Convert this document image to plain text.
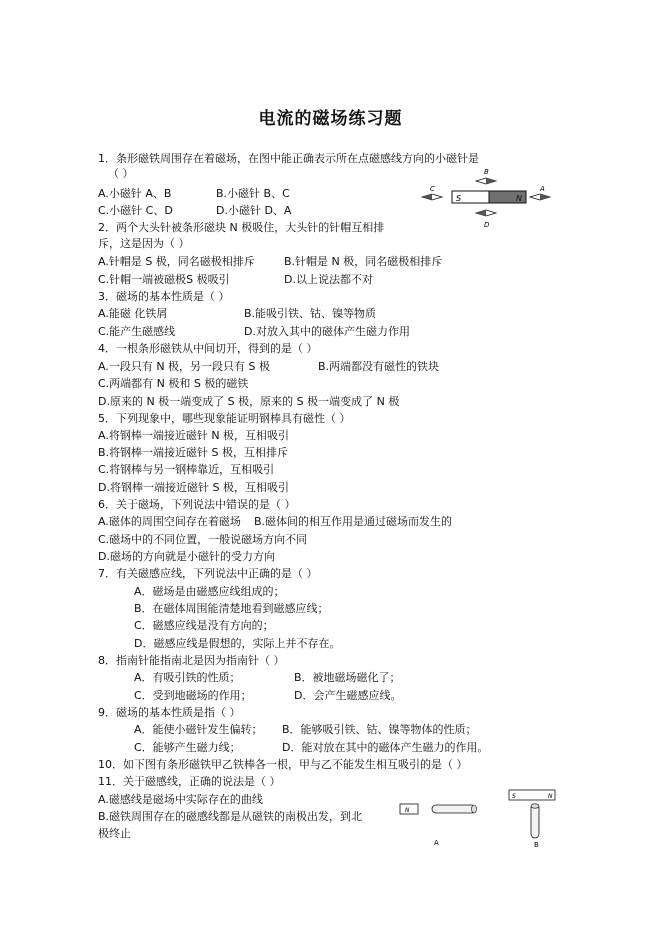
电流的磁场练习题
1．条形磁铁周围存在着磁场，在图中能正确表示所在点磁感线方向的小磁针是
（ ）
A.小磁针 A、B	B.小磁针 B、C
C.小磁针 C、D	D.小磁针 D、A
S	N
B
A
C
D
2．两个大头针被条形磁块 N 极吸住，大头针的针帽互相排
斥，这是因为（ ）
A.针帽是 S 极，同名磁极相排斥	B.针帽是 N 极，同名磁极相排斥
C.针帽一端被磁极S 极吸引	D.以上说法都不对
3．磁场的基本性质是（ ）
A.能磁 化铁屑	B.能吸引铁、钴、镍等物质
C.能产生磁感线	D.对放入其中的磁体产生磁力作用
4．一根条形磁铁从中间切开，得到的是（ ）
A.一段只有 N 极，另一段只有 S 极	B.两端都没有磁性的铁块
C.两端都有 N 极和 S 极的磁铁
D.原来的 N 极一端变成了 S 极，原来的 S 极一端变成了 N 极
5．下列现象中，哪些现象能证明钢棒具有磁性（ ）
A.将钢棒一端接近磁针 N 极，互相吸引
B.将钢棒一端接近磁针 S 极，互相排斥
C.将钢棒与另一钢棒靠近，互相吸引
D.将钢棒一端接近磁针 S 极，互相吸引
6．关于磁场，下列说法中错误的是（ ）
A.磁体的周围空间存在着磁场 B.磁体间的相互作用是通过磁场而发生的
C.磁场中的不同位置，一般说磁场方向不同
D.磁场的方向就是小磁针的受力方向
7．有关磁感应线，下列说法中正确的是（ ）
A．磁场是由磁感应线组成的；
B．在磁体周围能清楚地看到磁感应线；
C．磁感应线是没有方向的；
D．磁感应线是假想的，实际上并不存在。
8．指南针能指南北是因为指南针（ ）
A．有吸引铁的性质；	B．被地磁场磁化了；
C．受到地磁场的作用；	D．会产生磁感应线。
9．磁场的基本性质是指（ ）
A．能使小磁针发生偏转； B．能够吸引铁、钴、镍等物体的性质；
C．能够产生磁力线；	D．能对放在其中的磁体产生磁力的作用。
10．如下图有条形磁铁甲乙铁棒各一根，甲与乙不能发生相互吸引的是（ ）
11．关于磁感线，正确的说法是（ ）
A.磁感线是磁场中实际存在的曲线
B.磁铁周围存在的磁感线都是从磁铁的南极出发，到北
极终止
N
A
S	N
B
